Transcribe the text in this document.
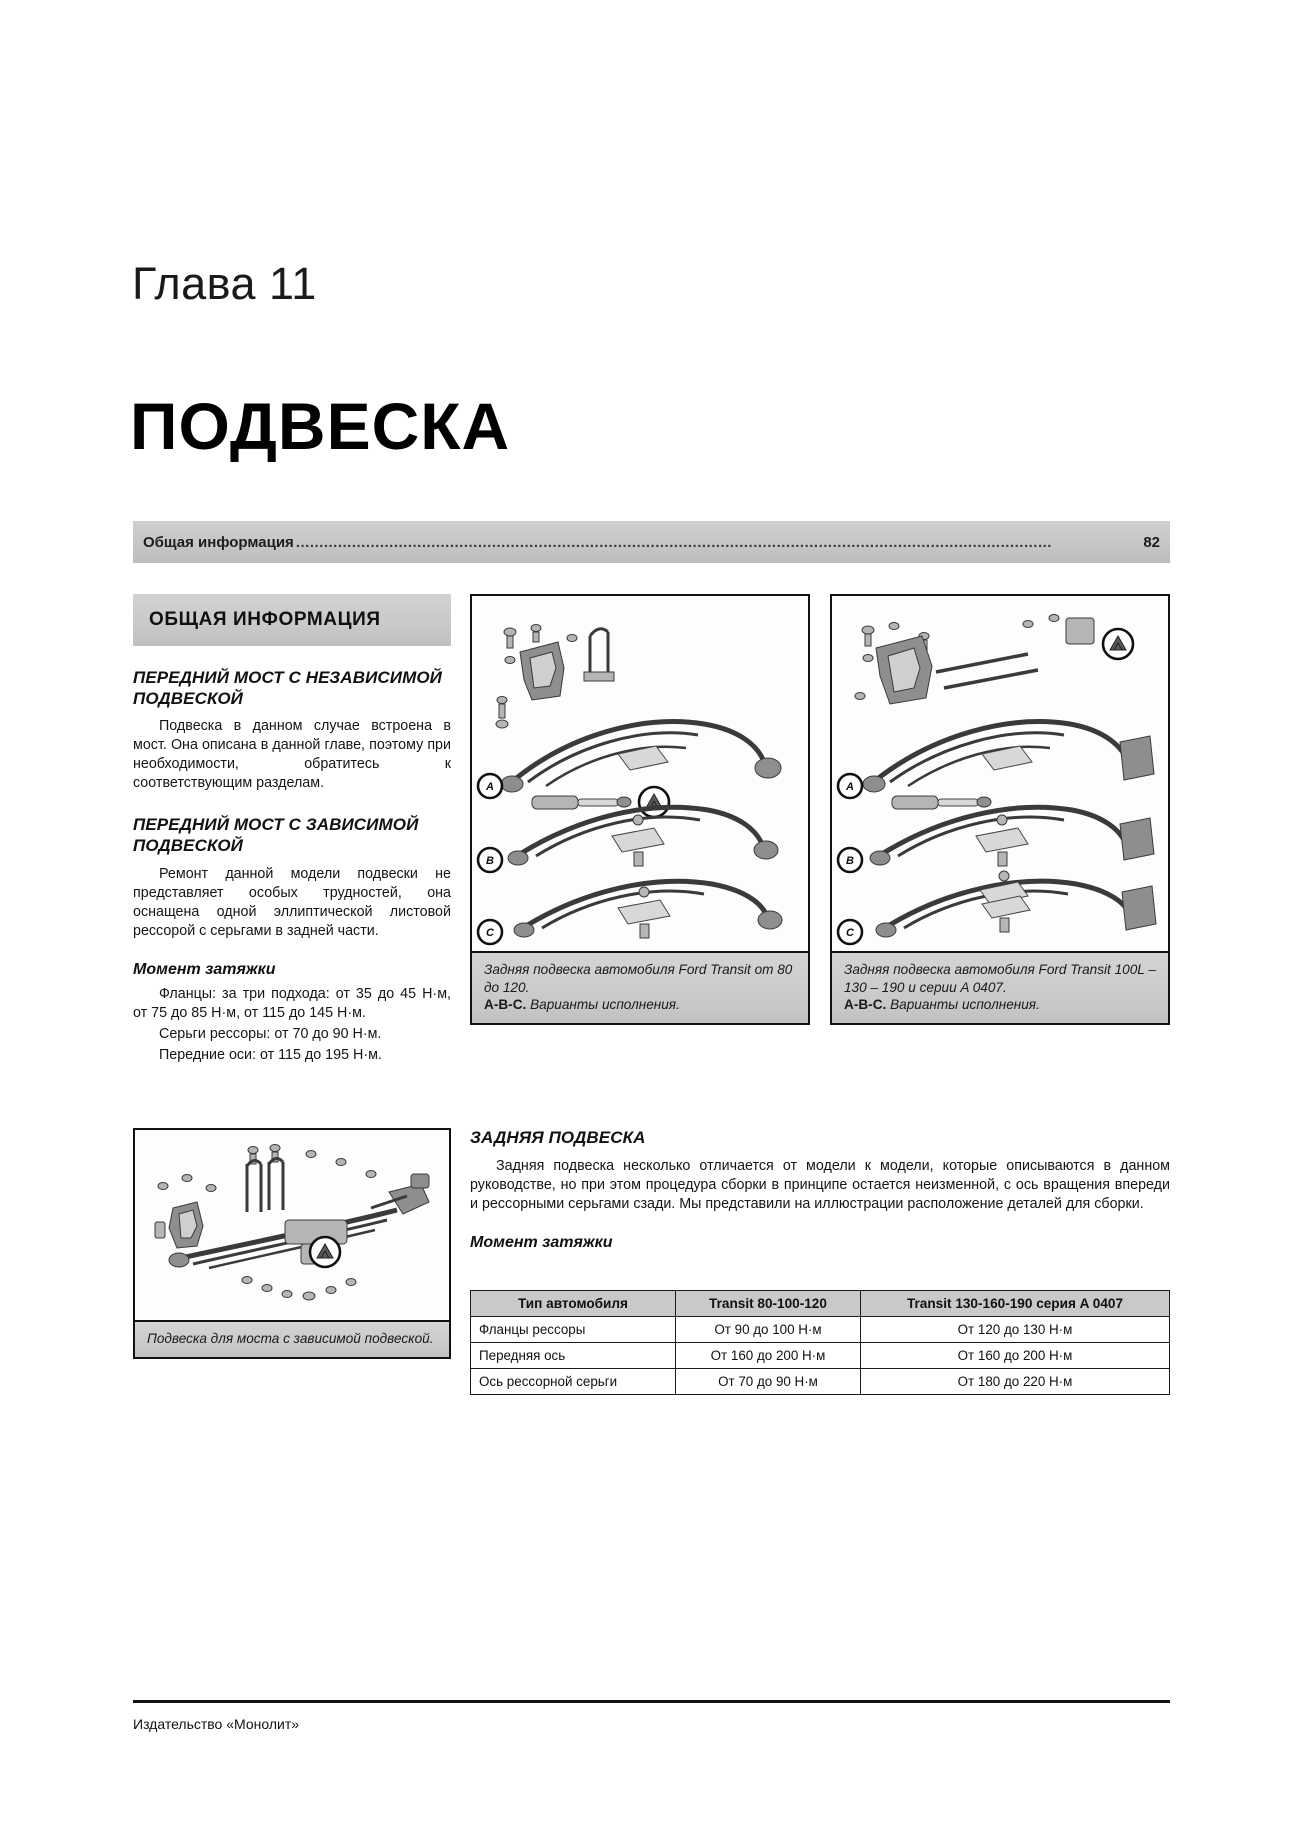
Глава 11
ПОДВЕСКА
Общая информация ..................................................................................................................................................................	82
ОБЩАЯ ИНФОРМАЦИЯ
ПЕРЕДНИЙ МОСТ С НЕЗАВИСИМОЙ ПОДВЕСКОЙ

Подвеска в данном случае встроена в мост. Она описана в данной главе, поэтому при необходимости, обратитесь к соответствующим разделам.

ПЕРЕДНИЙ МОСТ С ЗАВИСИМОЙ ПОДВЕСКОЙ

Ремонт данной модели подвески не представляет особых трудностей, она оснащена одной эллиптической листовой рессорой с серьгами в задней части.

Момент затяжки

Фланцы: за три подхода: от 35 до 45 Н·м, от 75 до 85 Н·м, от 115 до 145 Н·м.

Серьги рессоры: от 70 до 90 Н·м.

Передние оси: от 115 до 195 Н·м.

A
B
C
Задняя подвеска автомобиля Ford Transit от 80 до 120.
A-B-C. Варианты исполнения.
A
B
C
Задняя подвеска автомобиля Ford Transit 100L – 130 – 190 и серии A 0407.
A-B-C. Варианты исполнения.
Подвеска для моста с зависимой подвеской.
ЗАДНЯЯ ПОДВЕСКА

Задняя подвеска несколько отличается от модели к модели, которые описываются в данном руководстве, но при этом процедура сборки в принципе остается неизменной, с ось вращения впереди и рессорными серьгами сзади. Мы представили на иллюстрации расположение деталей для сборки.

Момент затяжки
Тип автомобиля	Transit 80-100-120	Transit 130-160-190 серия A 0407
Фланцы рессоры	От 90 до 100 Н·м	От 120 до 130 Н·м
Передняя ось	От 160 до 200 Н·м	От 160 до 200 Н·м
Ось рессорной серьги	От 70 до 90 Н·м	От 180 до 220 Н·м
Издательство «Монолит»
